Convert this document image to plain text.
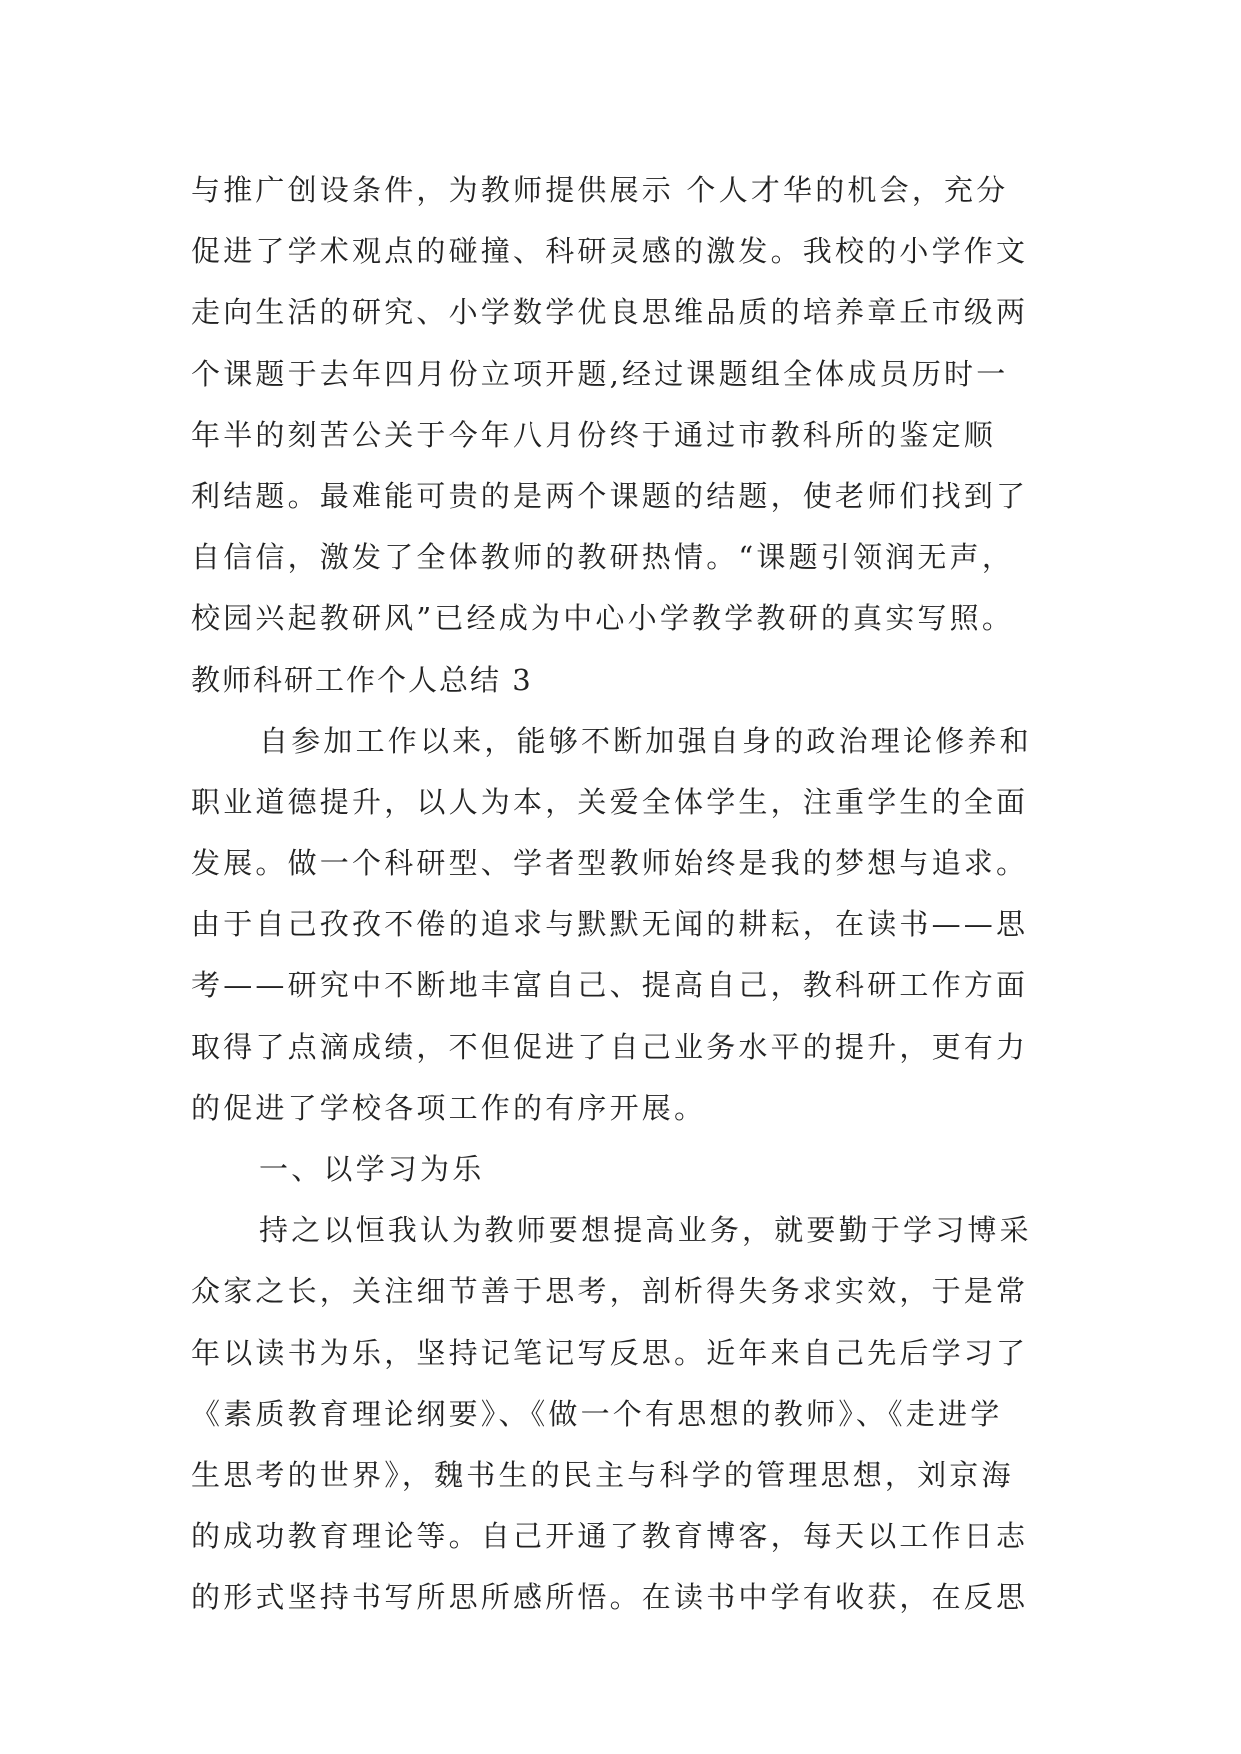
与推广创设条件，为教师提供展示 个人才华的机会，充分
促进了学术观点的碰撞、科研灵感的激发。我校的小学作文
走向生活的研究、小学数学优良思维品质的培养章丘市级两
个课题于去年四月份立项开题,经过课题组全体成员历时一
年半的刻苦公关于今年八月份终于通过市教科所的鉴定顺
利结题。最难能可贵的是两个课题的结题，使老师们找到了
自信信，激发了全体教师的教研热情。“课题引领润无声，
校园兴起教研风”已经成为中心小学教学教研的真实写照。
教师科研工作个人总结 3
自参加工作以来，能够不断加强自身的政治理论修养和
职业道德提升，以人为本，关爱全体学生，注重学生的全面
发展。做一个科研型、学者型教师始终是我的梦想与追求。
由于自己孜孜不倦的追求与默默无闻的耕耘，在读书——思
考——研究中不断地丰富自己、提高自己，教科研工作方面
取得了点滴成绩，不但促进了自己业务水平的提升，更有力
的促进了学校各项工作的有序开展。
一、以学习为乐
持之以恒我认为教师要想提高业务，就要勤于学习博采
众家之长，关注细节善于思考，剖析得失务求实效，于是常
年以读书为乐，坚持记笔记写反思。近年来自己先后学习了
《素质教育理论纲要》、《做一个有思想的教师》、《走进学
生思考的世界》，魏书生的民主与科学的管理思想，刘京海
的成功教育理论等。自己开通了教育博客，每天以工作日志
的形式坚持书写所思所感所悟。在读书中学有收获，在反思
